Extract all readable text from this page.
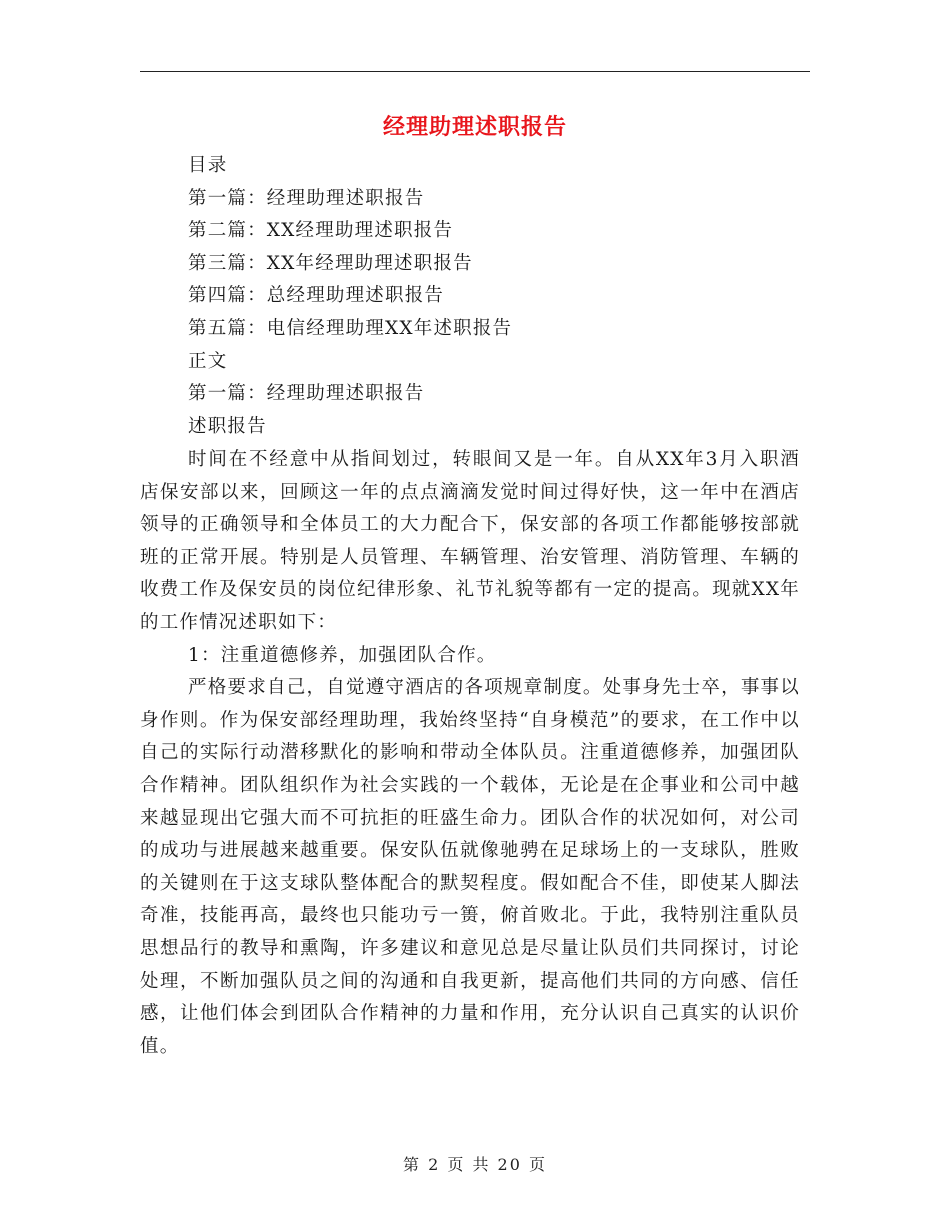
经理助理述职报告
目录
第一篇：经理助理述职报告
第二篇：XX经理助理述职报告
第三篇：XX年经理助理述职报告
第四篇：总经理助理述职报告
第五篇：电信经理助理XX年述职报告
正文
第一篇：经理助理述职报告
述职报告

时间在不经意中从指间划过，转眼间又是一年。自从XX年3月入职酒店保安部以来，回顾这一年的点点滴滴发觉时间过得好快，这一年中在酒店领导的正确领导和全体员工的大力配合下，保安部的各项工作都能够按部就班的正常开展。特别是人员管理、车辆管理、治安管理、消防管理、车辆的收费工作及保安员的岗位纪律形象、礼节礼貌等都有一定的提高。现就XX年的工作情况述职如下：

1：注重道德修养，加强团队合作。

严格要求自己，自觉遵守酒店的各项规章制度。处事身先士卒，事事以身作则。作为保安部经理助理，我始终坚持“自身模范”的要求，在工作中以自己的实际行动潜移默化的影响和带动全体队员。注重道德修养，加强团队合作精神。团队组织作为社会实践的一个载体，无论是在企事业和公司中越来越显现出它强大而不可抗拒的旺盛生命力。团队合作的状况如何，对公司的成功与进展越来越重要。保安队伍就像驰骋在足球场上的一支球队，胜败的关键则在于这支球队整体配合的默契程度。假如配合不佳，即使某人脚法奇准，技能再高，最终也只能功亏一篑，俯首败北。于此，我特别注重队员思想品行的教导和熏陶，许多建议和意见总是尽量让队员们共同探讨，讨论处理，不断加强队员之间的沟通和自我更新，提高他们共同的方向感、信任感，让他们体会到团队合作精神的力量和作用，充分认识自己真实的认识价值。

第 2 页 共 20 页
